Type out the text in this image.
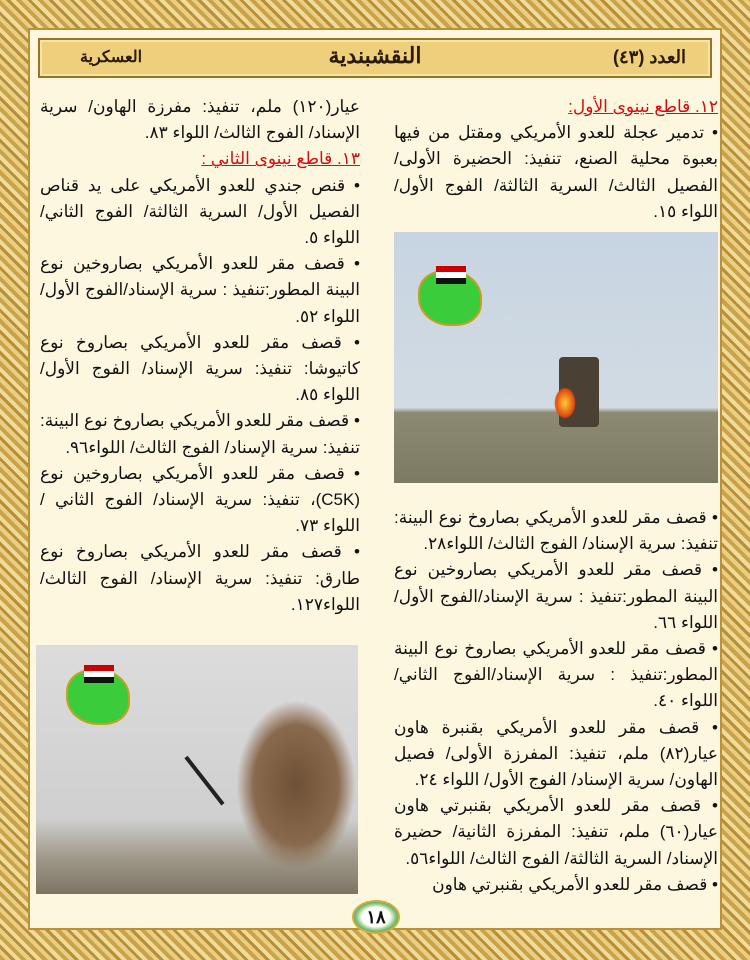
العدد (٤٣)
النقشبندية
العسكرية

١٢. قاطع نينوى الأول:

• تدمير عجلة للعدو الأمريكي ومقتل من فيها بعبوة محلية الصنع، تنفيذ: الحضيرة الأولى/ الفصيل الثالث/ السرية الثالثة/ الفوج الأول/ اللواء ١٥.

• قصف مقر للعدو الأمريكي بصاروخ نوع البينة: تنفيذ: سرية الإسناد/ الفوج الثالث/ اللواء٢٨.

• قصف مقر للعدو الأمريكي بصاروخين نوع البينة المطور:تنفيذ : سرية الإسناد/الفوج الأول/ اللواء ٦٦.

• قصف مقر للعدو الأمريكي بصاروخ نوع البينة المطور:تنفيذ : سرية الإسناد/الفوج الثاني/ اللواء ٤٠.

• قصف مقر للعدو الأمريكي بقنبرة هاون عيار(٨٢) ملم، تنفيذ: المفرزة الأولى/ فصيل الهاون/ سرية الإسناد/ الفوج الأول/ اللواء ٢٤.

• قصف مقر للعدو الأمريكي بقنبرتي هاون عيار(٦٠) ملم، تنفيذ: المفرزة الثانية/ حضيرة الإسناد/ السرية الثالثة/ الفوج الثالث/ اللواء٥٦.

• قصف مقر للعدو الأمريكي بقنبرتي هاون

عيار(١٢٠) ملم، تنفيذ: مفرزة الهاون/ سرية الإسناد/ الفوج الثالث/ اللواء ٨٣.

١٣. قاطع نينوى الثاني :

• قنص جندي للعدو الأمريكي على يد قناص الفصيل الأول/ السرية الثالثة/ الفوج الثاني/ اللواء ٥.

• قصف مقر للعدو الأمريكي بصاروخين نوع البينة المطور:تنفيذ : سرية الإسناد/الفوج الأول/ اللواء ٥٢.

• قصف مقر للعدو الأمريكي بصاروخ نوع كاتيوشا: تنفيذ: سرية الإسناد/ الفوج الأول/ اللواء ٨٥.

• قصف مقر للعدو الأمريكي بصاروخ نوع البينة: تنفيذ: سرية الإسناد/ الفوج الثالث/ اللواء٩٦.

• قصف مقر للعدو الأمريكي بصاروخين نوع (C5K)، تنفيذ: سرية الإسناد/ الفوج الثاني / اللواء ٧٣.

• قصف مقر للعدو الأمريكي بصاروخ نوع طارق: تنفيذ: سرية الإسناد/ الفوج الثالث/ اللواء١٢٧.

١٨
